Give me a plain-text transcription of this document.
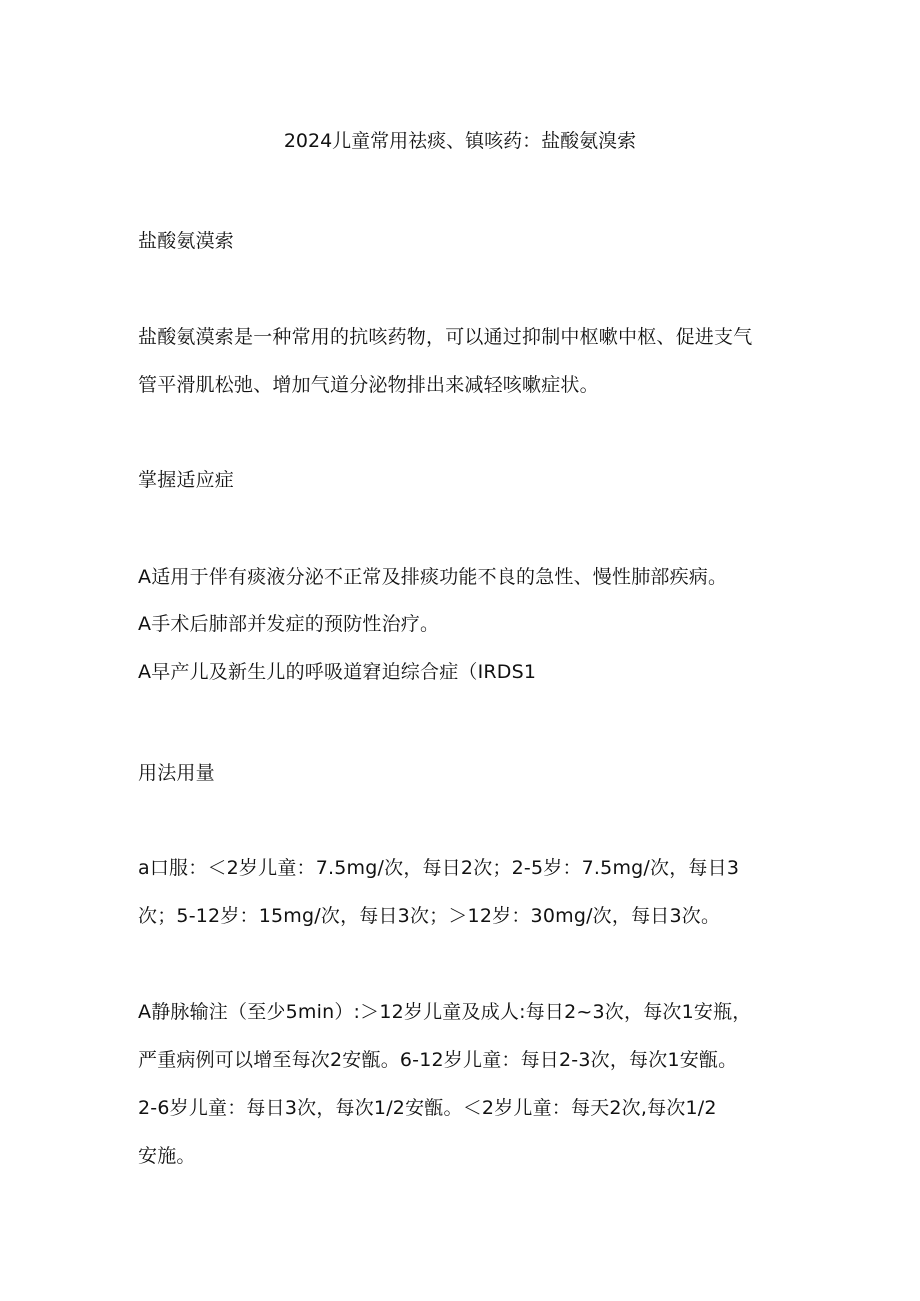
2024儿童常用祛痰、镇咳药：盐酸氨溴索
盐酸氨漠索
盐酸氨漠索是一种常用的抗咳药物，可以通过抑制中枢嗽中枢、促进支气
管平滑肌松弛、增加气道分泌物排出来减轻咳嗽症状。
掌握适应症
A适用于伴有痰液分泌不正常及排痰功能不良的急性、慢性肺部疾病。
A手术后肺部并发症的预防性治疗。
A早产儿及新生儿的呼吸道窘迫综合症（IRDS1
用法用量
a口服：＜2岁儿童：7.5mg∕次，每日2次；2-5岁：7.5mg∕次，每日3
次；5-12岁：15mg∕次，每日3次；＞12岁：30mg∕次，每日3次。
A静脉输注（至少5min）:＞12岁儿童及成人:每日2~3次，每次1安瓶，
严重病例可以增至每次2安甑。6-12岁儿童：每日2-3次，每次1安甑。
2-6岁儿童：每日3次，每次1/2安甑。＜2岁儿童：每天2次,每次1/2
安施。
